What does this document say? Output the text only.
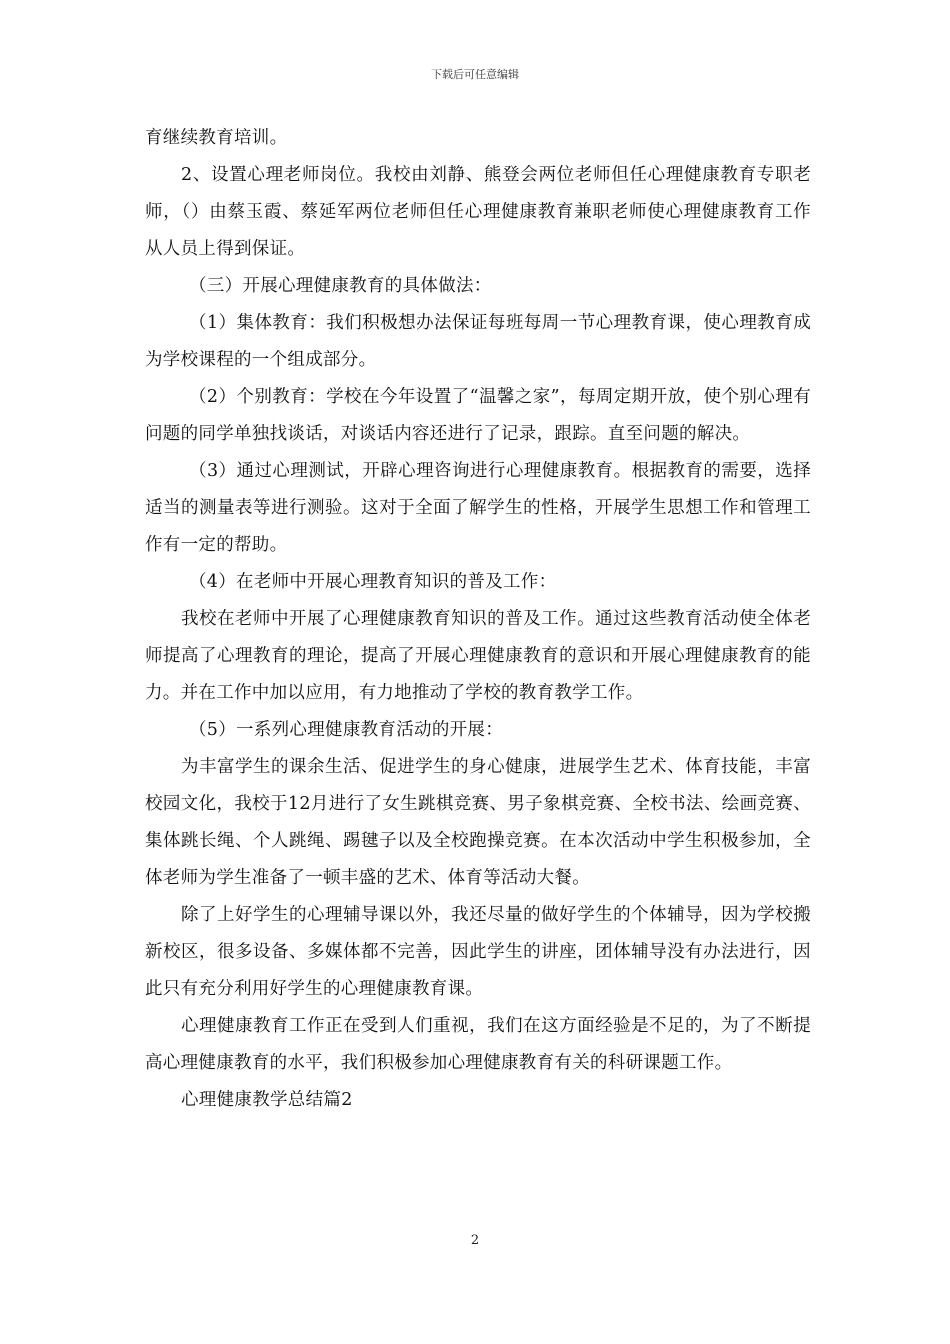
下载后可任意编辑

育继续教育培训。

2、设置心理老师岗位。我校由刘静、熊登会两位老师但任心理健康教育专职老师，（）由蔡玉霞、蔡延军两位老师但任心理健康教育兼职老师使心理健康教育工作从人员上得到保证。

（三）开展心理健康教育的具体做法：

（1）集体教育：我们积极想办法保证每班每周一节心理教育课，使心理教育成为学校课程的一个组成部分。

（2）个别教育：学校在今年设置了“温馨之家”，每周定期开放，使个别心理有问题的同学单独找谈话，对谈话内容还进行了记录，跟踪。直至问题的解决。

（3）通过心理测试，开辟心理咨询进行心理健康教育。根据教育的需要，选择适当的测量表等进行测验。这对于全面了解学生的性格，开展学生思想工作和管理工作有一定的帮助。

（4）在老师中开展心理教育知识的普及工作：

我校在老师中开展了心理健康教育知识的普及工作。通过这些教育活动使全体老师提高了心理教育的理论，提高了开展心理健康教育的意识和开展心理健康教育的能力。并在工作中加以应用，有力地推动了学校的教育教学工作。

（5）一系列心理健康教育活动的开展：

为丰富学生的课余生活、促进学生的身心健康，进展学生艺术、体育技能，丰富校园文化，我校于12月进行了女生跳棋竞赛、男子象棋竞赛、全校书法、绘画竞赛、集体跳长绳、个人跳绳、踢毽子以及全校跑操竞赛。在本次活动中学生积极参加，全体老师为学生准备了一顿丰盛的艺术、体育等活动大餐。

除了上好学生的心理辅导课以外，我还尽量的做好学生的个体辅导，因为学校搬新校区，很多设备、多媒体都不完善，因此学生的讲座，团体辅导没有办法进行，因此只有充分利用好学生的心理健康教育课。

心理健康教育工作正在受到人们重视，我们在这方面经验是不足的，为了不断提高心理健康教育的水平，我们积极参加心理健康教育有关的科研课题工作。

心理健康教学总结篇2

2
